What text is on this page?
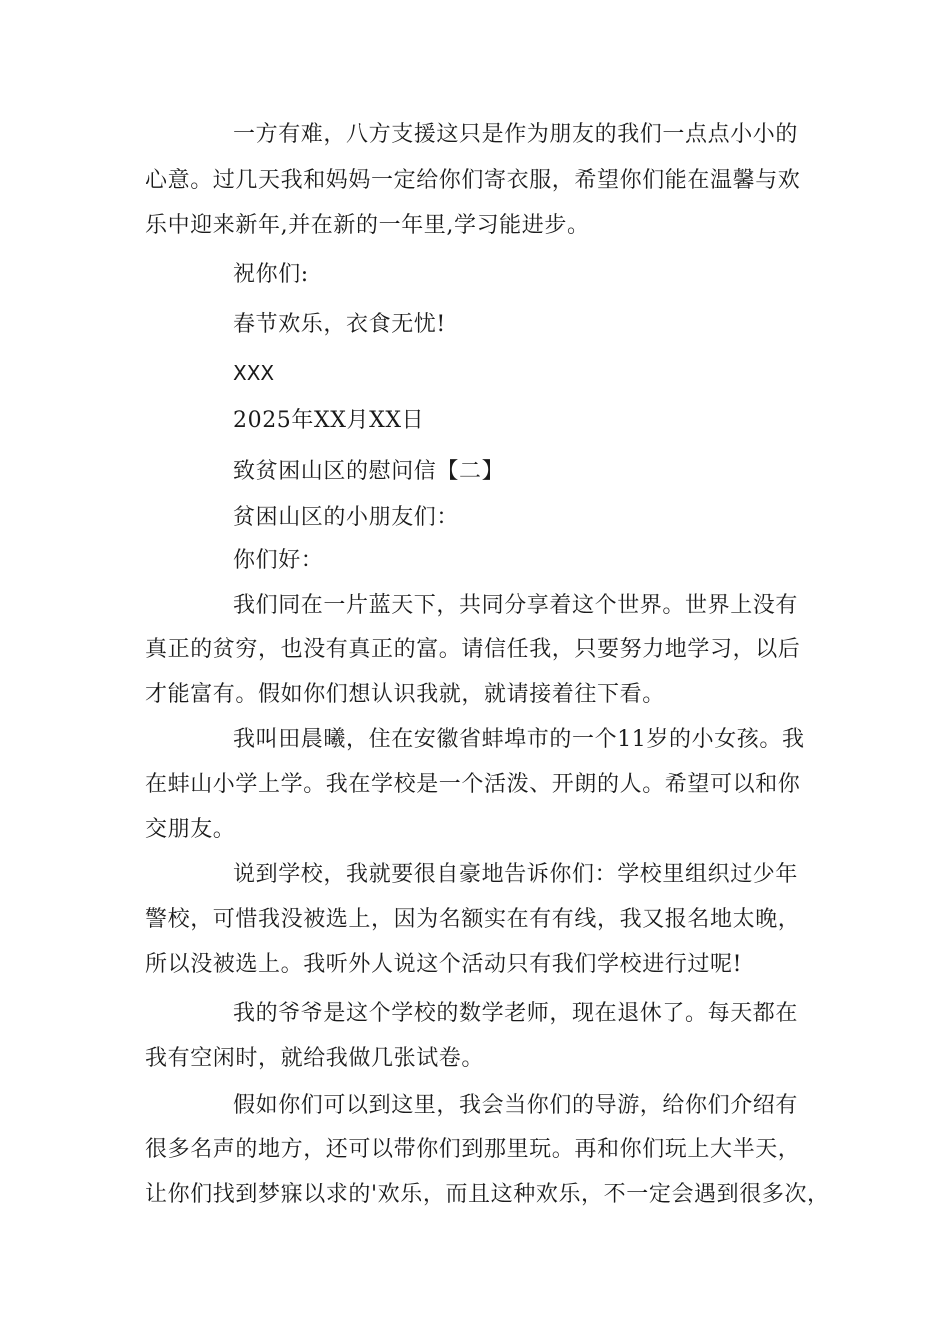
一方有难，八方支援这只是作为朋友的我们一点点小小的
心意。过几天我和妈妈一定给你们寄衣服，希望你们能在温馨与欢
乐中迎来新年,并在新的一年里,学习能进步。
祝你们:
春节欢乐，衣食无忧!
XXX
2025年XX月XX日
致贫困山区的慰问信【二】
贫困山区的小朋友们：
你们好：
我们同在一片蓝天下，共同分享着这个世界。世界上没有
真正的贫穷，也没有真正的富。请信任我，只要努力地学习，以后
才能富有。假如你们想认识我就，就请接着往下看。
我叫田晨曦，住在安徽省蚌埠市的一个11岁的小女孩。我
在蚌山小学上学。我在学校是一个活泼、开朗的人。希望可以和你
交朋友。
说到学校，我就要很自豪地告诉你们：学校里组织过少年
警校，可惜我没被选上，因为名额实在有有线，我又报名地太晚，
所以没被选上。我听外人说这个活动只有我们学校进行过呢!
我的爷爷是这个学校的数学老师，现在退休了。每天都在
我有空闲时，就给我做几张试卷。
假如你们可以到这里，我会当你们的导游，给你们介绍有
很多名声的地方，还可以带你们到那里玩。再和你们玩上大半天，
让你们找到梦寐以求的'欢乐，而且这种欢乐，不一定会遇到很多次，
